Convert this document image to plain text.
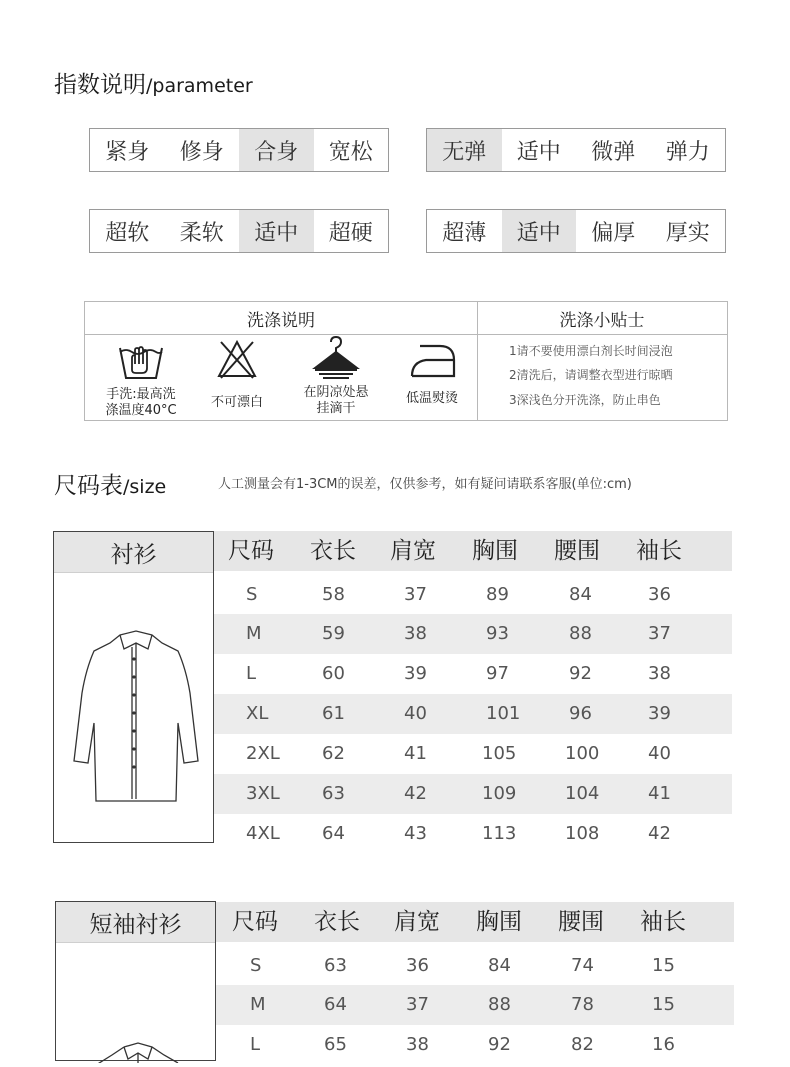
指数说明/parameter
紧身	修身	合身	宽松	无弹	适中	微弹	弹力
超软	柔软	适中	超硬	超薄	适中	偏厚	厚实
洗涤说明	洗涤小贴士
手洗:最高洗
涤温度40°C
不可漂白
在阴凉处悬
挂滴干
低温熨烫
1请不要使用漂白剂长时间浸泡
2清洗后，请调整衣型进行晾晒
3深浅色分开洗涤，防止串色
尺码表/size	人工测量会有1-3CM的误差，仅供参考，如有疑问请联系客服(单位:cm)
衬衫	尺码 衣长 肩宽 胸围 腰围 袖长
S	58	37	89	84	36
M	59	38	93	88	37
L	60	39	97	92	38
XL	61	40	101	96	39
2XL 62	41	105	100	40
3XL 63	42	109	104	41
4XL 64	43	113	108	42
短袖衬衫	尺码 衣长 肩宽 胸围 腰围 袖长
S	63	36	84	74	15
M	64	37	88	78	15
L	65	38	92	82	16
